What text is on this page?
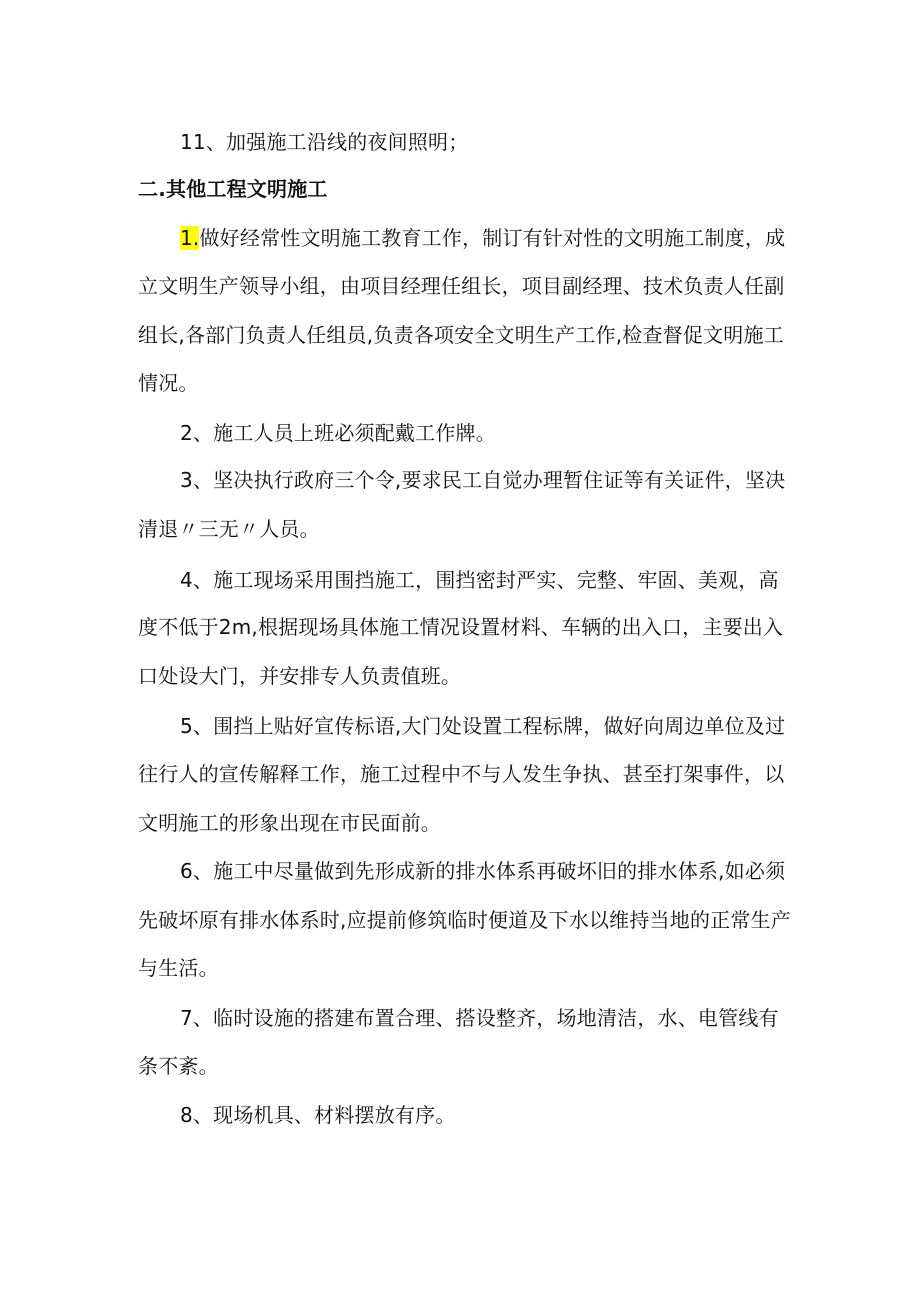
11、加强施工沿线的夜间照明；
二.其他工程文明施工
1.做好经常性文明施工教育工作，制订有针对性的文明施工制度，成
立文明生产领导小组，由项目经理任组长，项目副经理、技术负责人任副
组长,各部门负责人任组员,负责各项安全文明生产工作,检查督促文明施工
情况。
2、施工人员上班必须配戴工作牌。
3、坚决执行政府三个令,要求民工自觉办理暂住证等有关证件，坚决
清退〃三无〃人员。
4、施工现场采用围挡施工，围挡密封严实、完整、牢固、美观，高
度不低于2m,根据现场具体施工情况设置材料、车辆的出入口，主要出入
口处设大门，并安排专人负责值班。
5、围挡上贴好宣传标语,大门处设置工程标牌，做好向周边单位及过
往行人的宣传解释工作，施工过程中不与人发生争执、甚至打架事件，以
文明施工的形象出现在市民面前。
6、施工中尽量做到先形成新的排水体系再破坏旧的排水体系,如必须
先破坏原有排水体系时,应提前修筑临时便道及下水以维持当地的正常生产
与生活。
7、临时设施的搭建布置合理、搭设整齐，场地清洁，水、电管线有
条不紊。
8、现场机具、材料摆放有序。
